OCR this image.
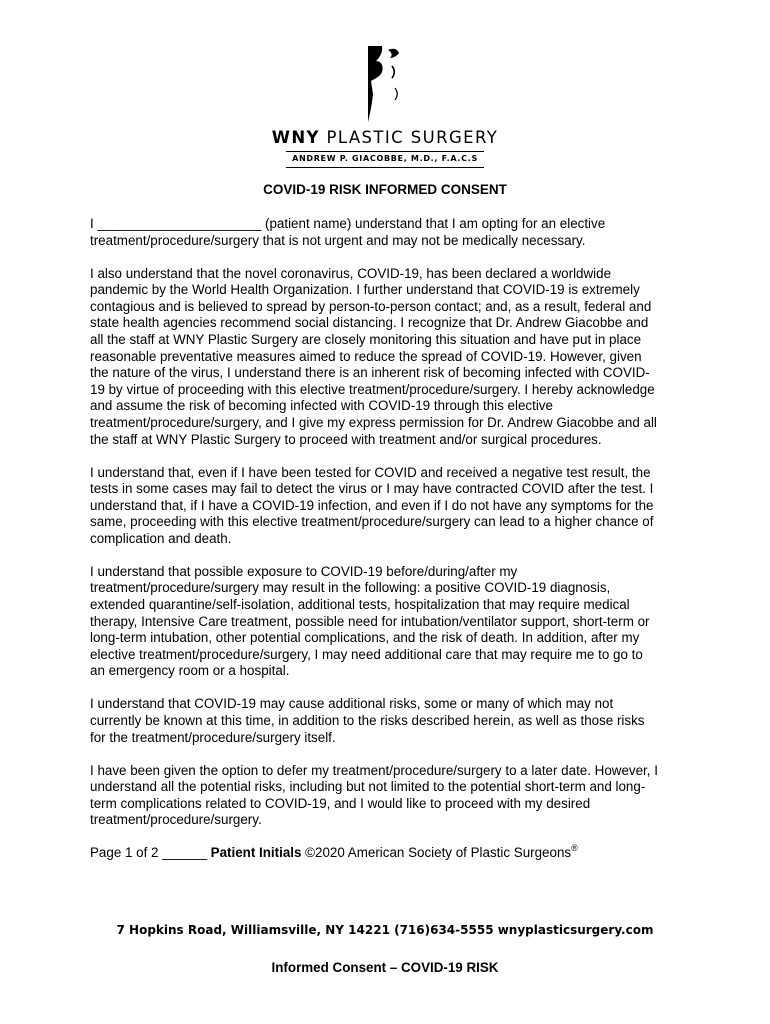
WNY PLASTIC SURGERY
ANDREW P. GIACOBBE, M.D., F.A.C.S
COVID-19 RISK INFORMED CONSENT
I ______________________ (patient name) understand that I am opting for an elective
treatment/procedure/surgery that is not urgent and may not be medically necessary.
I also understand that the novel coronavirus, COVID-19, has been declared a worldwide
pandemic by the World Health Organization. I further understand that COVID-19 is extremely
contagious and is believed to spread by person-to-person contact; and, as a result, federal and
state health agencies recommend social distancing. I recognize that Dr. Andrew Giacobbe and
all the staff at WNY Plastic Surgery are closely monitoring this situation and have put in place
reasonable preventative measures aimed to reduce the spread of COVID-19. However, given
the nature of the virus, I understand there is an inherent risk of becoming infected with COVID-
19 by virtue of proceeding with this elective treatment/procedure/surgery. I hereby acknowledge
and assume the risk of becoming infected with COVID-19 through this elective
treatment/procedure/surgery, and I give my express permission for Dr. Andrew Giacobbe and all
the staff at WNY Plastic Surgery to proceed with treatment and/or surgical procedures.
I understand that, even if I have been tested for COVID and received a negative test result, the
tests in some cases may fail to detect the virus or I may have contracted COVID after the test. I
understand that, if I have a COVID-19 infection, and even if I do not have any symptoms for the
same, proceeding with this elective treatment/procedure/surgery can lead to a higher chance of
complication and death.
I understand that possible exposure to COVID-19 before/during/after my
treatment/procedure/surgery may result in the following: a positive COVID-19 diagnosis,
extended quarantine/self-isolation, additional tests, hospitalization that may require medical
therapy, Intensive Care treatment, possible need for intubation/ventilator support, short-term or
long-term intubation, other potential complications, and the risk of death. In addition, after my
elective treatment/procedure/surgery, I may need additional care that may require me to go to
an emergency room or a hospital.
I understand that COVID-19 may cause additional risks, some or many of which may not
currently be known at this time, in addition to the risks described herein, as well as those risks
for the treatment/procedure/surgery itself.
I have been given the option to defer my treatment/procedure/surgery to a later date. However, I
understand all the potential risks, including but not limited to the potential short-term and long-
term complications related to COVID-19, and I would like to proceed with my desired
treatment/procedure/surgery.
Page 1 of 2 ______ Patient Initials ©2020 American Society of Plastic Surgeons®
7 Hopkins Road, Williamsville, NY 14221 (716)634-5555 wnyplasticsurgery.com
Informed Consent – COVID-19 RISK
